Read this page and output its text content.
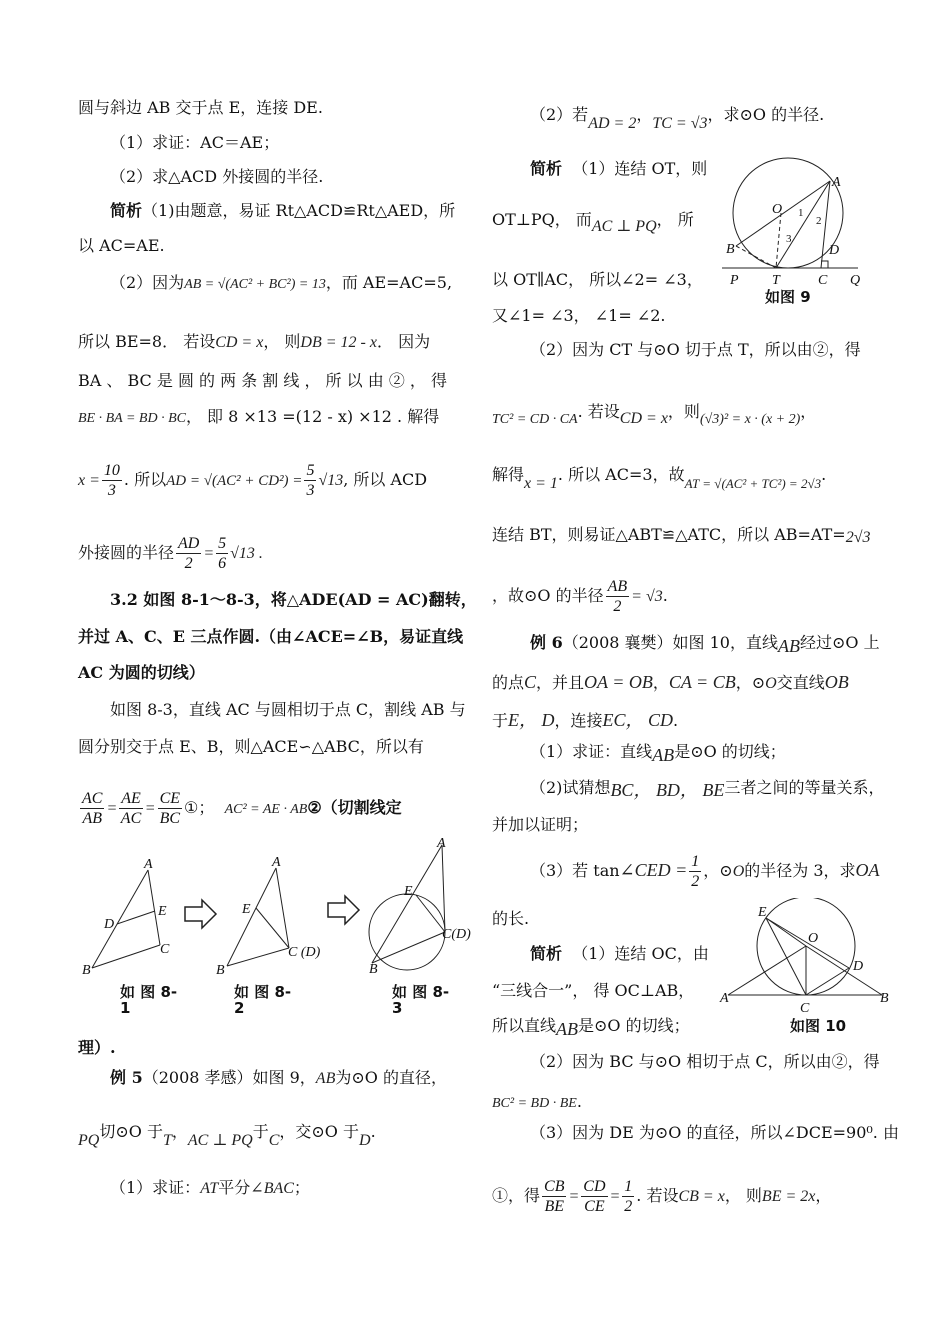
圆与斜边 AB 交于点 E，连接 DE.
（1）求证：AC＝AE；
（2）求△ACD 外接圆的半径.
简析（1)由题意，易证 Rt△ACD≌Rt△AED，所
以 AC=AE.
（2）因为AB = √(AC² + BC²) = 13，而 AE=AC=5,
所以 BE=8． 若设CD = x， 则DB = 12 - x． 因为
BA 、 BC 是 圆 的 两 条 割 线 ， 所 以 由 ② ， 得
BE · BA = BD · BC， 即 8 ×13 =(12 - x) ×12 . 解得
$x = \frac{10}{3}$ . 所以AD = $√(AC^2 + CD^2) = \frac{5}{3} √13$, 所以 ACD
外接圆的半径 $\frac{AD}{2} = \frac{5}{6} √13$ .
3.2 如图 8-1～8-3，将△ADE(AD = AC)翻转，
并过 A、C、E 三点作圆.（由∠ACE=∠B，易证直线
AC 为圆的切线）
如图 8-3，直线 AC 与圆相切于点 C，割线 AB 与
圆分别交于点 E、B，则△ACE∽△ABC，所以有
$\frac{AC}{AB} = \frac{AE}{AC} = \frac{CE}{BC}$ ①； AC² = AE · AB②（切割线定
A
E
D
C
B
A
E
C (D)
B
A
E
C(D)
B
如 图 8-
1
如 图 8-
2
如 图 8-
3
理）.
例 5（2008 孝感）如图 9，AB为⊙O 的直径，
PQ切⊙O 于T，AC ⊥ PQ于C，交⊙O 于D.
（1）求证：AT平分∠BAC；
（2）若AD = 2，TC = √3，求⊙O 的半径.
简析 （1）连结 OT，则
OT⊥PQ， 而AC ⊥ PQ， 所
以 OT∥AC， 所以∠2= ∠3，
又∠1= ∠3， ∠1= ∠2.
A
O
B	D
P T	C Q
1
2
3
如图 9
（2）因为 CT 与⊙O 切于点 T，所以由②，得
TC² = CD · CA. 若设CD = x，则(√3)² = x · (x + 2)，
解得x = 1. 所以 AC=3，故$_{AT = √(AC^2 + TC^2) = 2√3}$.
连结 BT，则易证△ABT≌△ATC，所以 AB=AT=2√3
，故⊙O 的半径 $\frac{AB}{2} = √3$.
例 6（2008 襄樊）如图 10，直线AB经过⊙O 上
的点C，并且OA = OB，CA = CB，⊙O交直线OB
于E， D，连接EC， CD.
（1）求证：直线AB是⊙O 的切线；
（2)试猜想BC， BD， BE三者之间的等量关系，
并加以证明；
（3）若 tan∠CED = $\frac{1}{2}$ ，⊙O的半径为 3，求OA
的长.
简析 （1）连结 OC，由
“三线合一”， 得 OC⊥AB，
所以直线AB是⊙O 的切线；
E
O
D
A
C
B
如图 10
（2）因为 BC 与⊙O 相切于点 C，所以由②，得
BC² = BD · BE.
（3）因为 DE 为⊙O 的直径，所以∠DCE=90⁰. 由
①，得 $\frac{CB}{BE} = \frac{CD}{CE} = \frac{1}{2}$ . 若设CB = x， 则BE = 2x，
